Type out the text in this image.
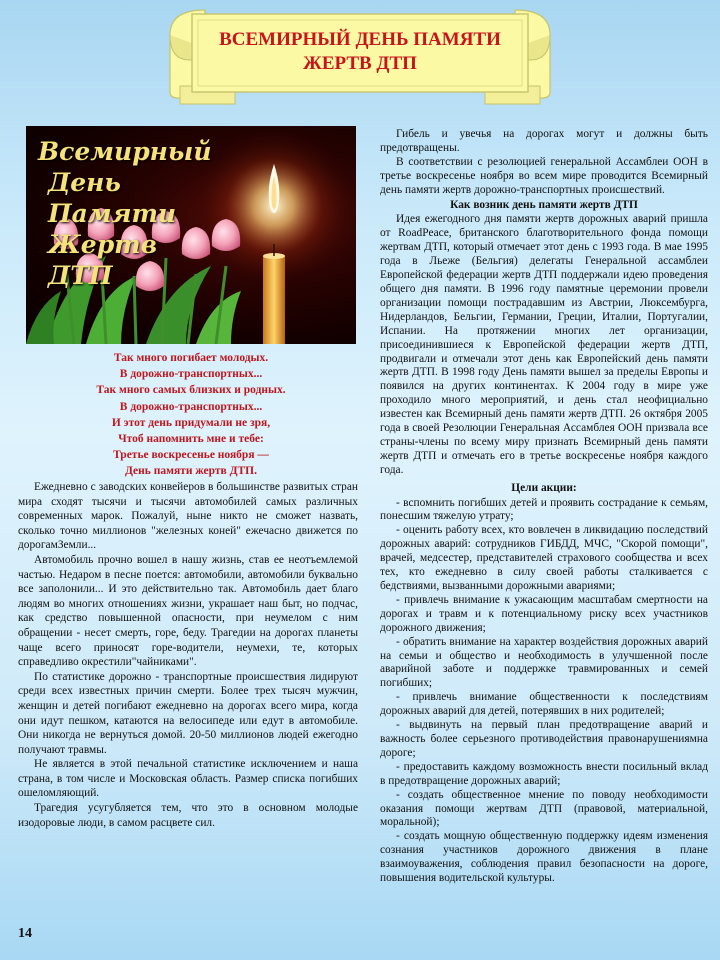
ВСЕМИРНЫЙ ДЕНЬ ПАМЯТИ
ЖЕРТВ ДТП
Всемирный
День Памяти
Жертв ДТП
Так много погибает молодых.
В дорожно-транспортных...
Так много самых близких и родных.
В дорожно-транспортных...
И этот день придумали не зря,
Чтоб напомнить мне и тебе:
Третье воскресенье ноября —
День памяти жертв ДТП.

Ежедневно с заводских конвейеров в большинстве развитых стран мира сходят тысячи и тысячи автомобилей самых различных современных марок. Пожалуй, ныне никто не сможет назвать, сколько точно миллионов "железных коней" ежечасно движется по дорогамЗемли...

Автомобиль прочно вошел в нашу жизнь, став ее неотъемлемой частью. Недаром в песне поется: автомобили, автомобили буквально все заполонили... И это действительно так. Автомобиль дает благо людям во многих отношениях жизни, украшает наш быт, но подчас, как средство повышенной опасности, при неумелом с ним обращении - несет смерть, горе, беду. Трагедии на дорогах планеты чаще всего приносят горе-водители, неумехи, те, которых справедливо окрестили"чайниками".

По статистике дорожно - транспортные происшествия лидируют среди всех известных причин смерти. Более трех тысяч мужчин, женщин и детей погибают ежедневно на дорогах всего мира, когда они идут пешком, катаются на велосипеде или едут в автомобиле. Они никогда не вернуться домой. 20-50 миллионов людей ежегодно получают травмы.

Не является в этой печальной статистике исключением и наша страна, в том числе и Московская область. Размер списка погибших ошеломляющий.

Трагедия усугубляется тем, что это в основном молодые изодоровые люди, в самом расцвете сил.

Гибель и увечья на дорогах могут и должны быть предотвращены.

В соответствии с резолюцией генеральной Ассамблеи ООН в третье воскресенье ноября во всем мире проводится Всемирный день памяти жертв дорожно-транспортных происшествий.

Как возник день памяти жертв ДТП

Идея ежегодного дня памяти жертв дорожных аварий пришла от RoadPeace, британского благотворительного фонда помощи жертвам ДТП, который отмечает этот день с 1993 года. В мае 1995 года в Льеже (Бельгия) делегаты Генеральной ассамблеи Европейской федерации жертв ДТП поддержали идею проведения общего дня памяти. В 1996 году памятные церемонии провели организации помощи пострадавшим из Австрии, Люксембурга, Нидерландов, Бельгии, Германии, Греции, Италии, Португалии, Испании. На протяжении многих лет организации, присоединившиеся к Европейской федерации жертв ДТП, продвигали и отмечали этот день как Европейский день памяти жертв ДТП. В 1998 году День памяти вышел за пределы Европы и появился на других континентах. К 2004 году в мире уже проходило много мероприятий, и день стал неофициально известен как Всемирный день памяти жертв ДТП. 26 октября 2005 года в своей Резолюции Генеральная Ассамблея ООН призвала все страны-члены по всему миру признать Всемирный день памяти жертв ДТП и отмечать его в третье воскресенье ноября каждого года.

Цели акции:

- вспомнить погибших детей и проявить сострадание к семьям, понесшим тяжелую утрату;

- оценить работу всех, кто вовлечен в ликвидацию последствий дорожных аварий: сотрудников ГИБДД, МЧС, "Скорой помощи", врачей, медсестер, представителей страхового сообщества и всех тех, кто ежедневно в силу своей работы сталкивается с бедствиями, вызванными дорожными авариями;

- привлечь внимание к ужасающим масштабам смертности на дорогах и травм и к потенциальному риску всех участников дорожного движения;

- обратить внимание на характер воздействия дорожных аварий на семьи и общество и необходимость в улучшенной после аварийной заботе и поддержке травмированных и семей погибших;

- привлечь внимание общественности к последствиям дорожных аварий для детей, потерявших в них родителей;

- выдвинуть на первый план предотвращение аварий и важность более серьезного противодействия правонарушениямна дороге;

- предоставить каждому возможность внести посильный вклад в предотвращение дорожных аварий;

- создать общественное мнение по поводу необходимости оказания помощи жертвам ДТП (правовой, материальной, моральной);

- создать мощную общественную поддержку идеям изменения сознания участников дорожного движения в плане взаимоуважения, соблюдения правил безопасности на дороге, повышения водительской культуры.

14
